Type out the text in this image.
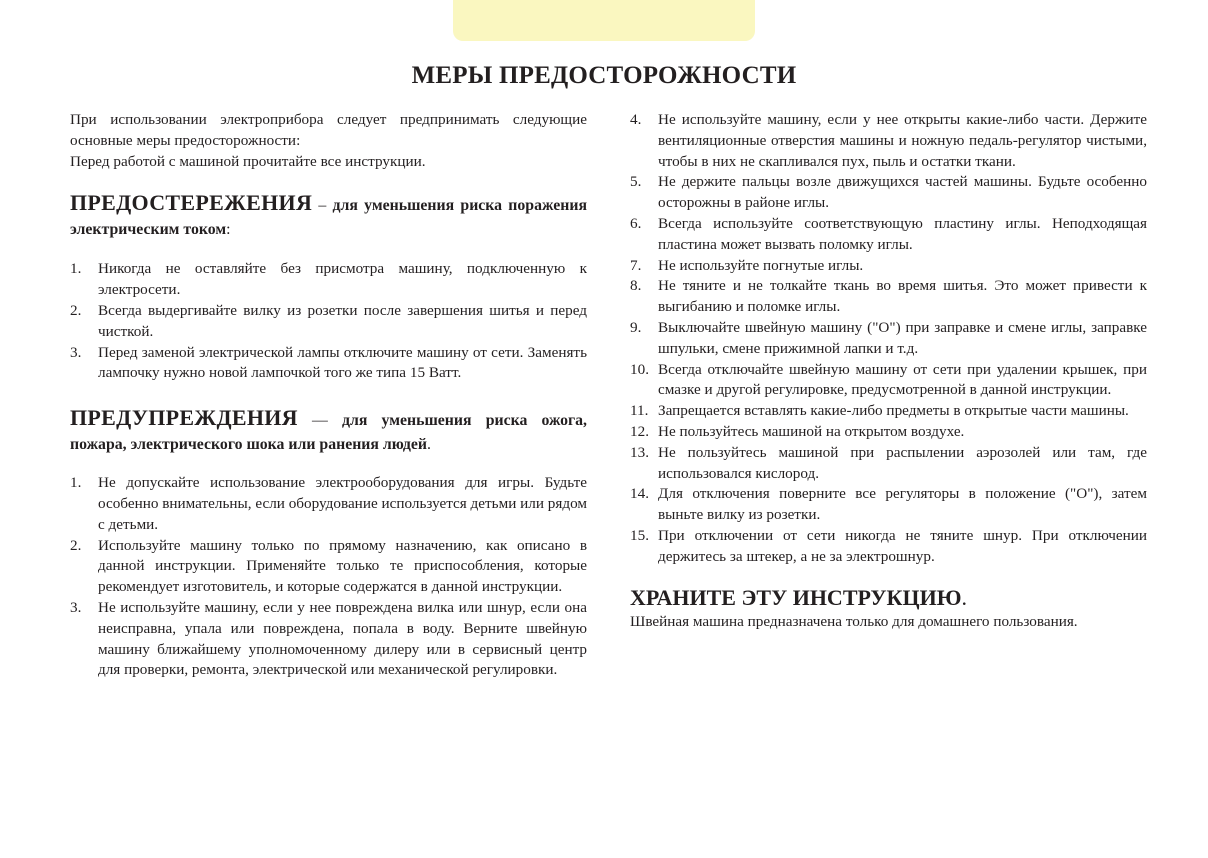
МЕРЫ ПРЕДОСТОРОЖНОСТИ

При использовании электроприбора следует предпринимать следующие основные меры предосторожности:

Перед работой с машиной прочитайте все инструкции.

ПРЕДОСТЕРЕЖЕНИЯ – для уменьшения риска поражения электрическим током:
1. Никогда не оставляйте без присмотра машину, подключенную к электросети.
2. Всегда выдергивайте вилку из розетки после завершения шитья и перед чисткой.
3. Перед заменой электрической лампы отключите машину от сети. Заменять лампочку нужно новой лампочкой того же типа 15 Ватт.
ПРЕДУПРЕЖДЕНИЯ — для уменьшения риска ожога, пожара, электрического шока или ранения людей.
1. Не допускайте использование электрооборудования для игры. Будьте особенно внимательны, если оборудование используется детьми или рядом с детьми.
2. Используйте машину только по прямому назначению, как описано в данной инструкции. Применяйте только те приспособления, которые рекомендует изготовитель, и которые содержатся в данной инструкции.
3. Не используйте машину, если у нее повреждена вилка или шнур, если она неисправна, упала или повреждена, попала в воду. Верните швейную машину ближайшему уполномоченному дилеру или в сервисный центр для проверки, ремонта, электрической или механической регулировки.
4. Не используйте машину, если у нее открыты какие-либо части. Держите вентиляционные отверстия машины и ножную педаль-регулятор чистыми, чтобы в них не скапливался пух, пыль и остатки ткани.
5. Не держите пальцы возле движущихся частей машины. Будьте особенно осторожны в районе иглы.
6. Всегда используйте соответствующую пластину иглы. Неподходящая пластина может вызвать поломку иглы.
7. Не используйте погнутые иглы.
8. Не тяните и не толкайте ткань во время шитья. Это может привести к выгибанию и поломке иглы.
9. Выключайте швейную машину ("O") при заправке и смене иглы, заправке шпульки, смене прижимной лапки и т.д.
10. Всегда отключайте швейную машину от сети при удалении крышек, при смазке и другой регулировке, предусмотренной в данной инструкции.
11. Запрещается вставлять какие-либо предметы в открытые части машины.
12. Не пользуйтесь машиной на открытом воздухе.
13. Не пользуйтесь машиной при распылении аэрозолей или там, где использовался кислород.
14. Для отключения поверните все регуляторы в положение ("O"), затем выньте вилку из розетки.
15. При отключении от сети никогда не тяните шнур. При отключении держитесь за штекер, а не за электрошнур.
ХРАНИТЕ ЭТУ ИНСТРУКЦИЮ.

Швейная машина предназначена только для домашнего пользования.
